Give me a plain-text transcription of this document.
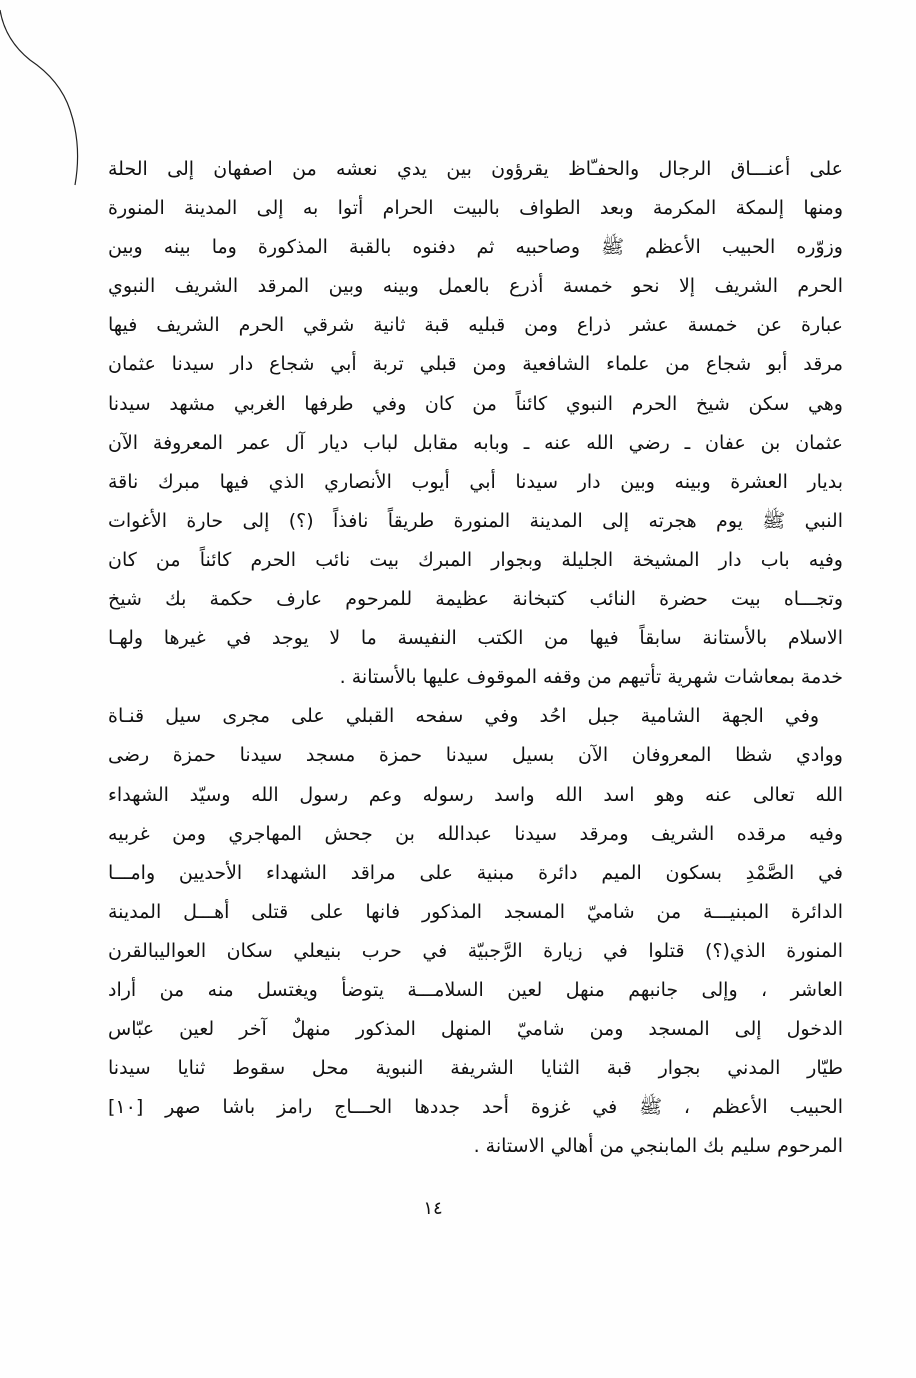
على أعنـــاق الرجال والحفـّاظ يقرؤون بين يدي نعشه من اصفهان إلى الحلة
ومنها إلىمكة المكرمة وبعد الطواف بالبيت الحرام أتوا به إلى المدينة المنورة
وزوّره الحبيب الأعظم ﷺ وصاحبيه ثم دفنوه بالقبة المذكورة وما بينه وبين
الحرم الشريف إلا نحو خمسة أذرع بالعمل وبينه وبين المرقد الشريف النبوي
عبارة عن خمسة عشر ذراع ومن قبليه قبة ثانية شرقي الحرم الشريف فيها
مرقد أبو شجاع من علماء الشافعية ومن قبلي تربة أبي شجاع دار سيدنا عثمان
وهي سكن شيخ الحرم النبوي كائناً من كان وفي طرفها الغربي مشهد سيدنا
عثمان بن عفان ـ رضي الله عنه ـ وبابه مقابل لباب ديار آل عمر المعروفة الآن
بديار العشرة وبينه وبين دار سيدنا أبي أيوب الأنصاري الذي فيها مبرك ناقة
النبي ﷺ يوم هجرته إلى المدينة المنورة طريقاً نافذاً (؟) إلى حارة الأغوات
وفيه باب دار المشيخة الجليلة وبجوار المبرك بيت نائب الحرم كائناً من كان
وتجـــاه بيت حضرة النائب كتبخانة عظيمة للمرحوم عارف حكمة بك شيخ
الاسلام بالأستانة سابقاً فيها من الكتب النفيسة ما لا يوجد في غيرها ولهـا
خدمة بمعاشات شهرية تأتيهم من وقفه الموقوف عليها بالأستانة .
وفي الجهة الشامية جبل احُد وفي سفحه القبلي على مجرى سيل قنـاة
ووادي شظا المعروفان الآن بسيل سيدنا حمزة مسجد سيدنا حمزة رضى
الله تعالى عنه وهو اسد الله واسد رسوله وعم رسول الله وسيّد الشهداء
وفيه مرقده الشريف ومرقد سيدنا عبدالله بن جحش المهاجري ومن غربيه
في الصَّمْدِ بسكون الميم دائرة مبنية على مراقد الشهداء الأحديين وامـــا
الدائرة المبنيـــة من شاميّ المسجد المذكور فانها على قتلى أهـــل المدينة
المنورة الذي(؟) قتلوا في زيارة الرَّجبيّة في حرب بنيعلي سكان العواليبالقرن
العاشر ، وإلى جانبهم منهل لعين السلامـــة يتوضأ ويغتسل منه من أراد
الدخول إلى المسجد ومن شاميّ المنهل المذكور منهلٌ آخر لعين عبّاس
طيّار المدني بجوار قبة الثنايا الشريفة النبوية محل سقوط ثنايا سيدنا
الحبيب الأعظم ، ﷺ في غزوة أحد جددها الحـــاج رامز باشا صهر [١٠]
المرحوم سليم بك المابنجي من أهالي الاستانة .
١٤
